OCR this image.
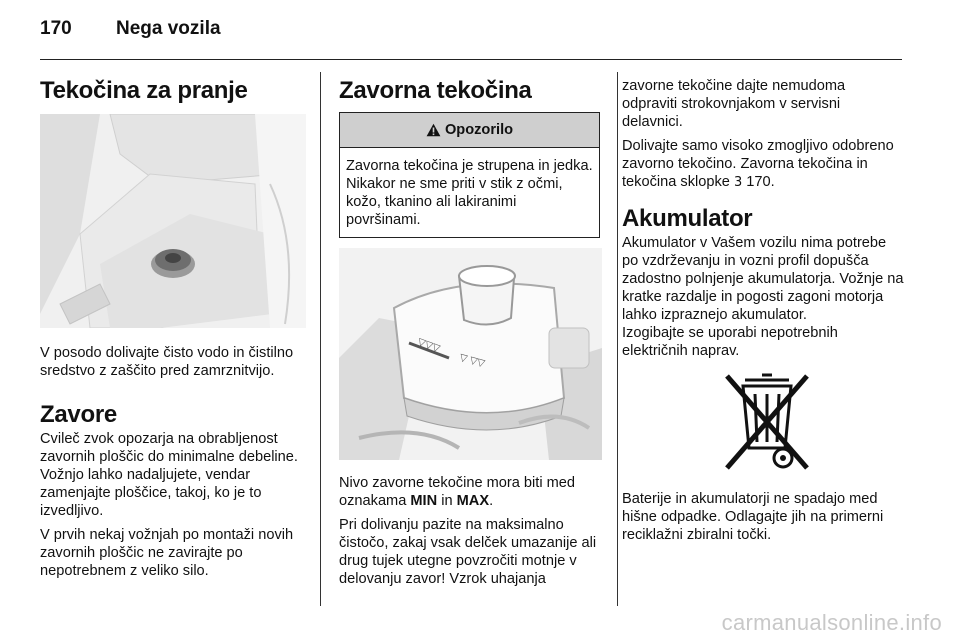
170 Nega vozila
Tekočina za pranje

V posodo dolivajte čisto vodo in čistilno sredstvo z zaščito pred zamrznitvijo.

Zavore

Cvilеč zvok opozarja na obrabljenost zavornih ploščic do minimalne debeline. Vožnjo lahko nadaljujete, vendar zamenjajte ploščice, takoj, ko je to izvedljivo.

V prvih nekaj vožnjah po montaži novih zavornih ploščic ne zavirajte po nepotrebnem z veliko silo.

Zavorna tekočina
Opozorilo
Zavorna tekočina je strupena in jedka. Nikakor ne sme priti v stik z očmi, kožo, tkanino ali lakiranimi površinami.
▽▽▽
▽ ▽▽

Nivo zavorne tekočine mora biti med oznakama MIN in MAX.

Pri dolivanju pazite na maksimalno čistočo, zakaj vsak delček umazanije ali drug tujek utegne povzročiti motnje v delovanju zavor! Vzrok uhajanja

zavorne tekočine dajte nemudoma odpraviti strokovnjakom v servisni delavnici.

Dolivajte samo visoko zmogljivo odobreno zavorno tekočino. Zavorna tekočina in tekočina sklopke 3 170.

Akumulator

Akumulator v Vašem vozilu nima potrebe po vzdrževanju in vozni profil dopušča zadostno polnjenje akumulatorja. Vožnje na kratke razdalje in pogosti zagoni motorja lahko izpraznejo akumulator.

Izogibajte se uporabi nepotrebnih električnih naprav.

Baterije in akumulatorji ne spadajo med hišne odpadke. Odlagajte jih na primerni reciklažni zbiralni točki.

carmanualsonline.info
